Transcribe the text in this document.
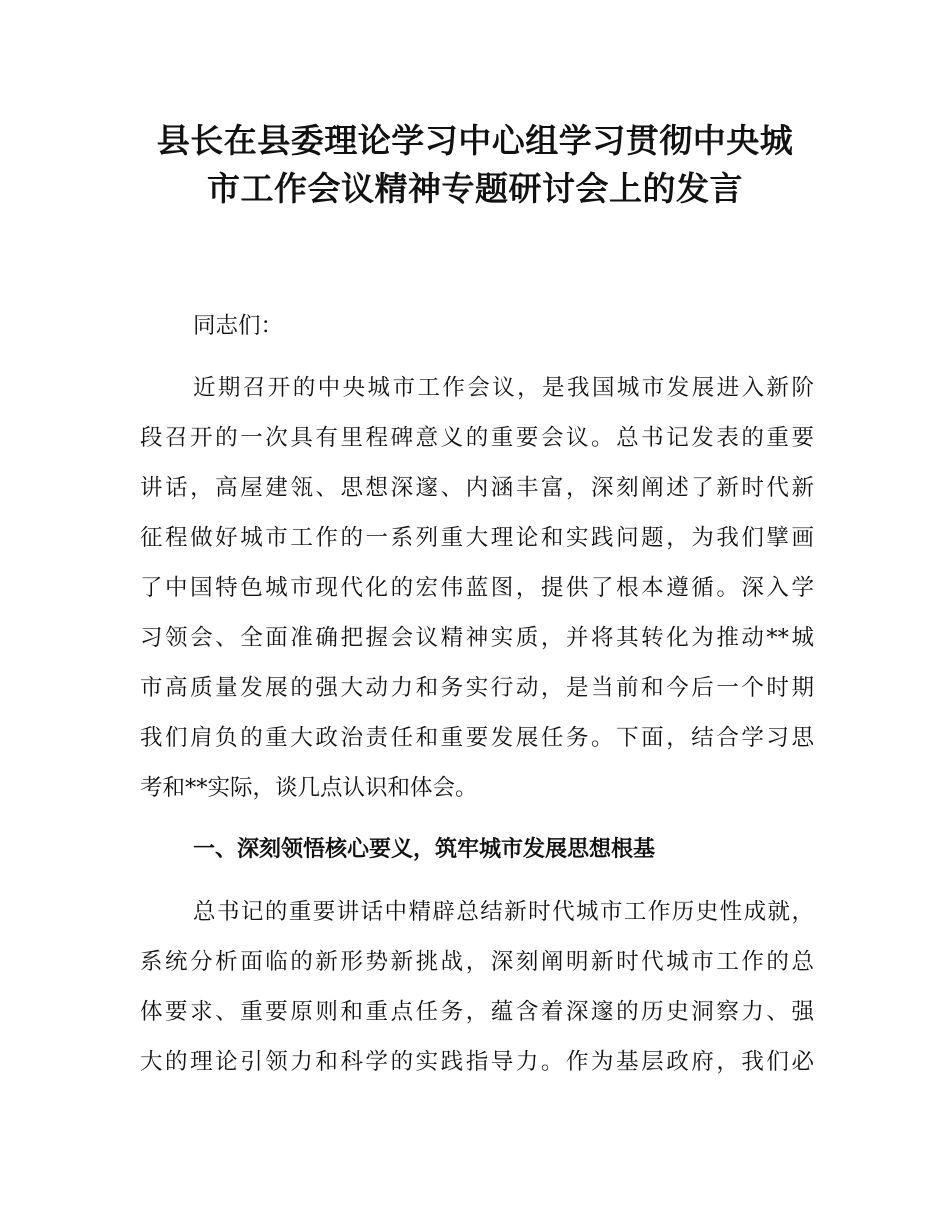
县长在县委理论学习中心组学习贯彻中央城
市工作会议精神专题研讨会上的发言

同志们：

近期召开的中央城市工作会议，是我国城市发展进入新阶

段召开的一次具有里程碑意义的重要会议。总书记发表的重要

讲话，高屋建瓴、思想深邃、内涵丰富，深刻阐述了新时代新

征程做好城市工作的一系列重大理论和实践问题，为我们擘画

了中国特色城市现代化的宏伟蓝图，提供了根本遵循。深入学

习领会、全面准确把握会议精神实质，并将其转化为推动**城

市高质量发展的强大动力和务实行动，是当前和今后一个时期

我们肩负的重大政治责任和重要发展任务。下面，结合学习思

考和**实际，谈几点认识和体会。

一、深刻领悟核心要义，筑牢城市发展思想根基

总书记的重要讲话中精辟总结新时代城市工作历史性成就，

系统分析面临的新形势新挑战，深刻阐明新时代城市工作的总

体要求、重要原则和重点任务，蕴含着深邃的历史洞察力、强

大的理论引领力和科学的实践指导力。作为基层政府，我们必
